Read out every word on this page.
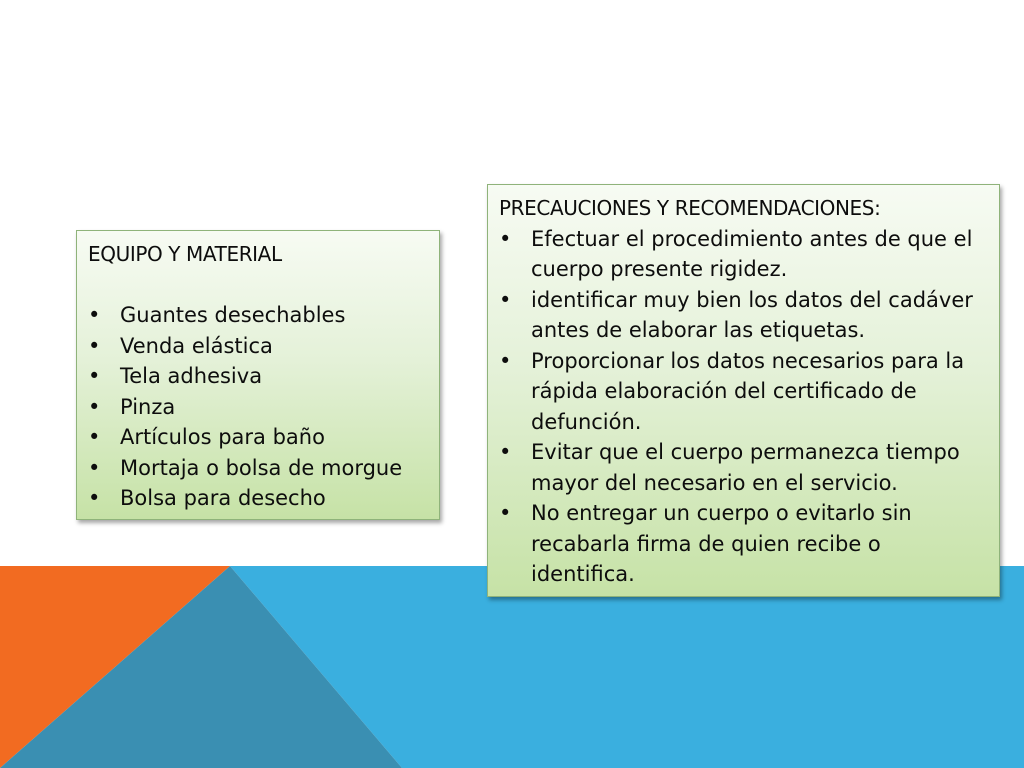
EQUIPO Y MATERIAL

• Guantes desechables
• Venda elástica
• Tela adhesiva
• Pinza
• Artículos para baño
• Mortaja o bolsa de morgue
• Bolsa para desecho

PRECAUCIONES Y RECOMENDACIONES:

• Efectuar el procedimiento antes de que el cuerpo presente rigidez.
• identificar muy bien los datos del cadáver antes de elaborar las etiquetas.
• Proporcionar los datos necesarios para la rápida elaboración del certificado de defunción.
• Evitar que el cuerpo permanezca tiempo mayor del necesario en el servicio.
• No entregar un cuerpo o evitarlo sin recabarla firma de quien recibe o identifica.
